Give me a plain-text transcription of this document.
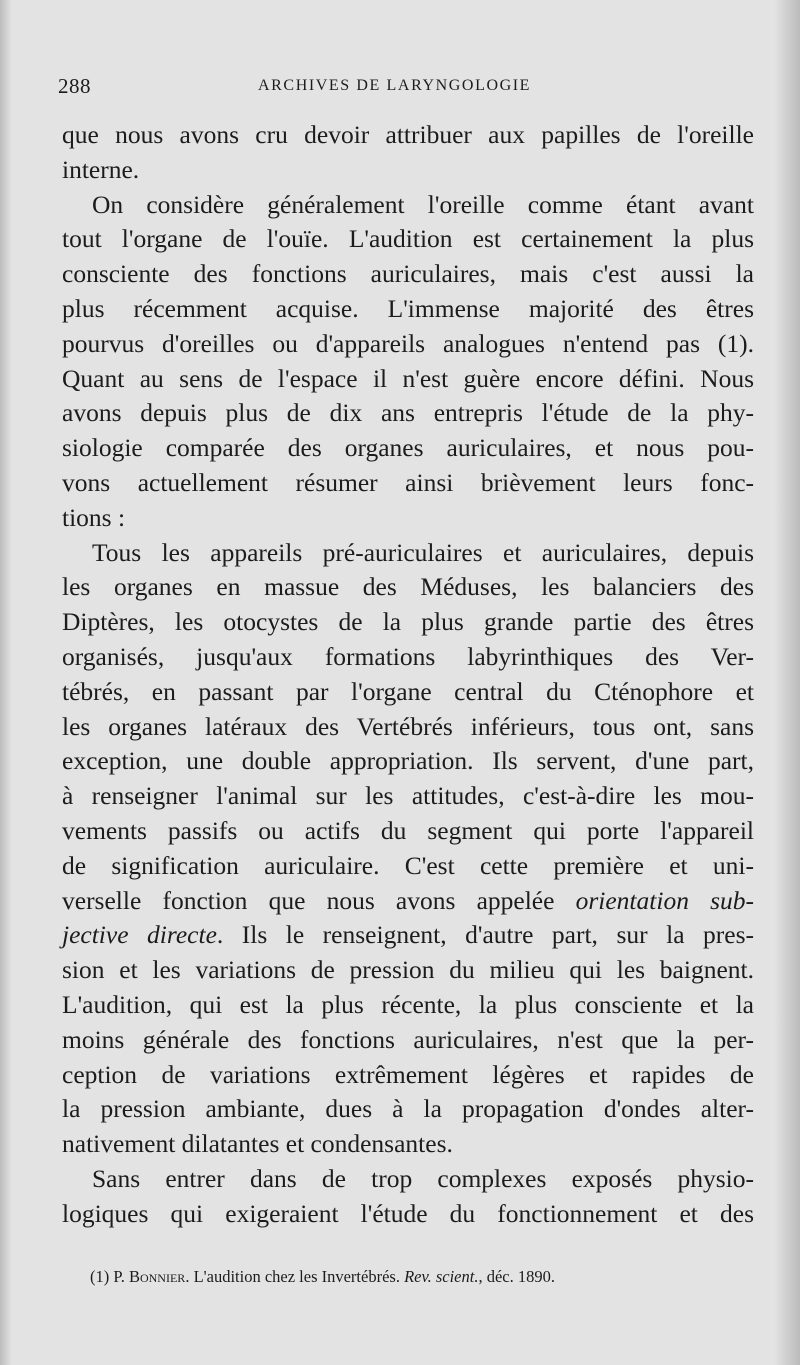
288	ARCHIVES DE LARYNGOLOGIE
que nous avons cru devoir attribuer aux papilles de l'oreille
interne.
On considère généralement l'oreille comme étant avant
tout l'organe de l'ouïe. L'audition est certainement la plus
consciente des fonctions auriculaires, mais c'est aussi la
plus récemment acquise. L'immense majorité des êtres
pourvus d'oreilles ou d'appareils analogues n'entend pas (1).
Quant au sens de l'espace il n'est guère encore défini. Nous
avons depuis plus de dix ans entrepris l'étude de la phy-
siologie comparée des organes auriculaires, et nous pou-
vons actuellement résumer ainsi brièvement leurs fonc-
tions :
Tous les appareils pré-auriculaires et auriculaires, depuis
les organes en massue des Méduses, les balanciers des
Diptères, les otocystes de la plus grande partie des êtres
organisés, jusqu'aux formations labyrinthiques des Ver-
tébrés, en passant par l'organe central du Cténophore et
les organes latéraux des Vertébrés inférieurs, tous ont, sans
exception, une double appropriation. Ils servent, d'une part,
à renseigner l'animal sur les attitudes, c'est-à-dire les mou-
vements passifs ou actifs du segment qui porte l'appareil
de signification auriculaire. C'est cette première et uni-
verselle fonction que nous avons appelée orientation sub-
jective directe. Ils le renseignent, d'autre part, sur la pres-
sion et les variations de pression du milieu qui les baignent.
L'audition, qui est la plus récente, la plus consciente et la
moins générale des fonctions auriculaires, n'est que la per-
ception de variations extrêmement légères et rapides de
la pression ambiante, dues à la propagation d'ondes alter-
nativement dilatantes et condensantes.
Sans entrer dans de trop complexes exposés physio-
logiques qui exigeraient l'étude du fonctionnement et des
(1) P. Bonnier. L'audition chez les Invertébrés. Rev. scient., déc. 1890.
